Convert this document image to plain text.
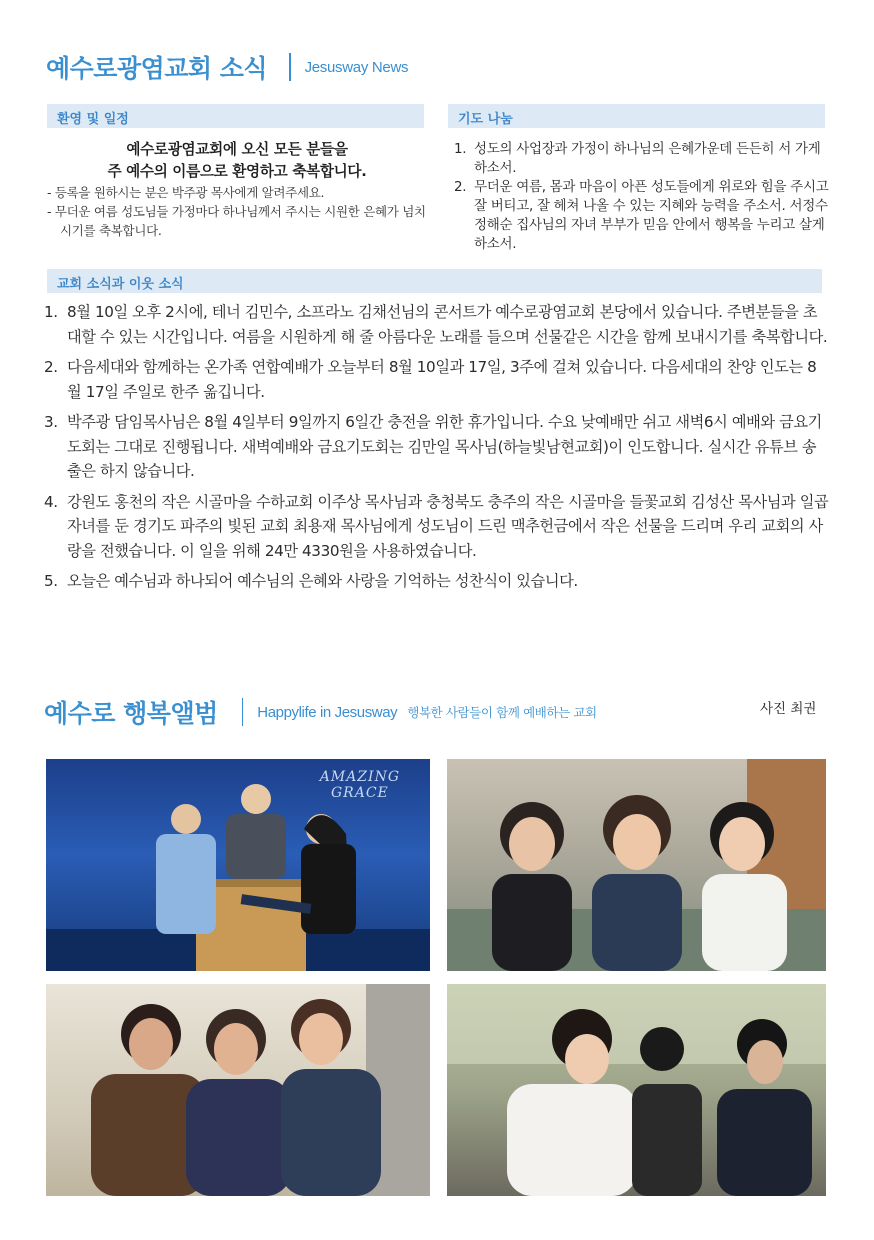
예수로광염교회 소식	Jesusway News
환영 및 일정
예수로광염교회에 오신 모든 분들을
주 예수의 이름으로 환영하고 축복합니다.
- 등록을 원하시는 분은 박주광 목사에게 알려주세요.
- 무더운 여름 성도님들 가정마다 하나님께서 주시는 시원한 은혜가 넘치시기를 축복합니다.
기도 나눔
1. 성도의 사업장과 가정이 하나님의 은혜가운데 든든히 서 가게 하소서.
2. 무더운 여름, 몸과 마음이 아픈 성도들에게 위로와 힘을 주시고 잘 버티고, 잘 헤쳐 나올 수 있는 지혜와 능력을 주소서. 서정수 정해순 집사님의 자녀 부부가 믿음 안에서 행복을 누리고 살게 하소서.
교회 소식과 이웃 소식
1. 8월 10일 오후 2시에, 테너 김민수, 소프라노 김채선님의 콘서트가 예수로광염교회 본당에서 있습니다. 주변분들을 초대할 수 있는 시간입니다. 여름을 시원하게 해 줄 아름다운 노래를 들으며 선물같은 시간을 함께 보내시기를 축복합니다.
2. 다음세대와 함께하는 온가족 연합예배가 오늘부터 8월 10일과 17일, 3주에 걸쳐 있습니다. 다음세대의 찬양 인도는 8월 17일 주일로 한주 옮깁니다.
3. 박주광 담임목사님은 8월 4일부터 9일까지 6일간 충전을 위한 휴가입니다. 수요 낮예배만 쉬고 새벽6시 예배와 금요기도회는 그대로 진행됩니다. 새벽예배와 금요기도회는 김만일 목사님(하늘빛남현교회)이 인도합니다. 실시간 유튜브 송출은 하지 않습니다.
4. 강원도 홍천의 작은 시골마을 수하교회 이주상 목사님과 충청북도 충주의 작은 시골마을 들꽃교회 김성산 목사님과 일곱 자녀를 둔 경기도 파주의 빛된 교회 최용재 목사님에게 성도님이 드린 맥추헌금에서 작은 선물을 드리며 우리 교회의 사랑을 전했습니다. 이 일을 위해 24만 4330원을 사용하였습니다.
5. 오늘은 예수님과 하나되어 예수님의 은혜와 사랑을 기억하는 성찬식이 있습니다.
예수로 행복앨범	Happylife in Jesusway 행복한 사람들이 함께 예배하는 교회	사진 최권
AMAZING
GRACE
